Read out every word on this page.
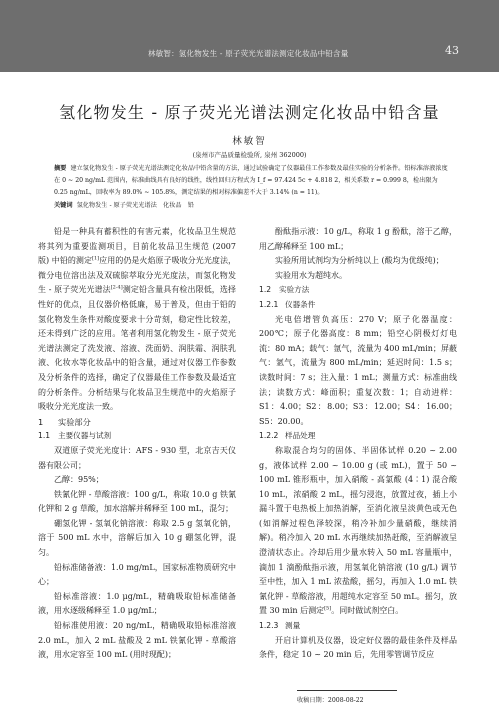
林敏智：氢化物发生 - 原子荧光光谱法测定化妆品中铅含量	43
氢化物发生 - 原子荧光光谱法测定化妆品中铅含量
林敏智
(泉州市产品质量检验所, 泉州 362000)
摘要 建立氢化物发生 - 原子荧光光谱法测定化妆品中铅含量的方法，通过试验确定了仪器最佳工作参数及最佳实验的分析条件。铅标准溶液浓度在 0 ~ 20 ng/mL 范围内，标准曲线具有良好的线性，线性回归方程式为 I_f = 97.424 5c + 4.818 2，相关系数 r = 0.999 8，检出限为 0.25 ng/mL，回收率为 89.0% ~ 105.8%，测定结果的相对标准偏差不大于 3.14% (n = 11)。
关键词 氢化物发生 - 原子荧光光谱法　化妆品　铅

铅是一种具有蓄积性的有害元素，化妆品卫生规范将其列为重要监测项目，目前化妆品卫生规范 (2007 版) 中铅的测定[1]应用的仍是火焰原子吸收分光光度法，微分电位溶出法及双硫腙萃取分光光度法，而氢化物发生 - 原子荧光光谱法[2-4]测定铅含量具有检出限低，选择性好的优点，且仪器价格低廉，易于普及，但由于铅的氢化物发生条件对酸度要求十分苛刻，稳定性比较差，还未得到广泛的应用。笔者利用氢化物发生 - 原子荧光光谱法测定了洗发液、溶液、洗面奶、润肤霜、润肤乳液、化妆水等化妆品中的铅含量，通过对仪器工作参数及分析条件的选择，确定了仪器最佳工作参数及最适宜的分析条件。分析结果与化妆品卫生规范中的火焰原子吸收分光光度法一致。

1 实验部分

1.1 主要仪器与试剂

双道原子荧光光度计：AFS - 930 型，北京吉天仪器有限公司；

乙醇：95%；

铁氰化钾 - 草酸溶液：100 g/L，称取 10.0 g 铁氰化钾和 2 g 草酸，加水溶解并稀释至 100 mL，混匀；

硼氢化钾 - 氢氧化钠溶液：称取 2.5 g 氢氧化钠，溶于 500 mL 水中，溶解后加入 10 g 硼氢化钾，混匀。

铅标准储备液：1.0 mg/mL，国家标准物质研究中心；

铅标准溶液：1.0 μg/mL，精确吸取铅标准储备液，用水逐级稀释至 1.0 μg/mL；

铅标准使用液：20 ng/mL，精确吸取铅标准溶液 2.0 mL，加入 2 mL 盐酸及 2 mL 铁氰化钾 - 草酸溶液，用水定容至 100 mL (用时现配)；

酚酞指示液：10 g/L，称取 1 g 酚酞，溶于乙醇，用乙醇稀释至 100 mL；

实验所用试剂均为分析纯以上 (酸均为优级纯)；

实验用水为超纯水。

1.2 实验方法

1.2.1 仪器条件

光电倍增管负高压：270 V；原子化器温度：200℃；原子化器高度：8 mm；铅空心阴极灯灯电流：80 mA；载气：氩气，流量为 400 mL/min；屏蔽气：氩气，流量为 800 mL/min；延迟时间：1.5 s；读数时间：7 s；注入量：1 mL；测量方式：标准曲线法；读数方式：峰面积；重复次数：1；自动进样：S1：4.00；S2：8.00；S3：12.00；S4：16.00；S5：20.00。

1.2.2 样品处理

称取混合均匀的固体、半固体试样 0.20 ~ 2.00 g，液体试样 2.00 ~ 10.00 g (或 mL)，置于 50 ~ 100 mL 锥形瓶中，加入硝酸 - 高氯酸 (4∶1) 混合酸 10 mL，浓硝酸 2 mL，摇匀浸泡，放置过夜，插上小漏斗置于电热板上加热消解，至消化液呈淡黄色或无色 (如消解过程色泽较深，稍冷补加少量硝酸，继续消解)。稍冷加入 20 mL 水再继续加热赶酸，至消解液呈澄清状态止。冷却后用少量水转入 50 mL 容量瓶中，滴加 1 滴酚酞指示液，用氢氧化钠溶液 (10 g/L) 调节至中性，加入 1 mL 浓盐酸，摇匀，再加入 1.0 mL 铁氰化钾 - 草酸溶液，用超纯水定容至 50 mL。摇匀，放置 30 min 后测定[5]。同时做试剂空白。

1.2.3 测量

开启计算机及仪器，设定好仪器的最佳条件及样品条件，稳定 10 ~ 20 min 后，先用零管调节反应

收稿日期：2008-08-22
